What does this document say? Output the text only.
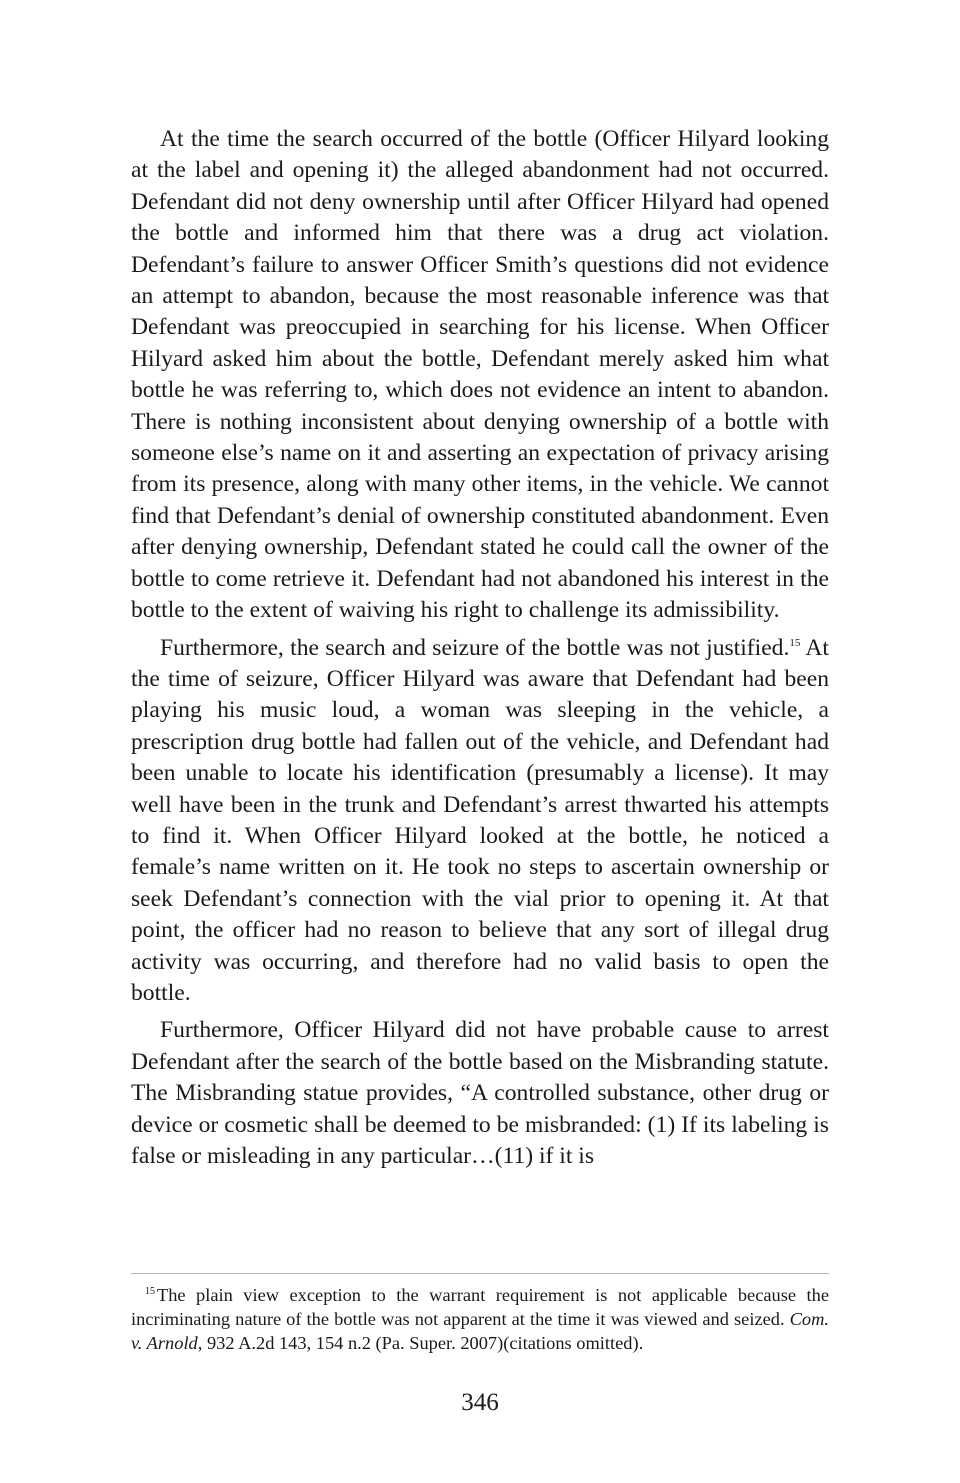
At the time the search occurred of the bottle (Officer Hilyard looking at the label and opening it) the alleged abandonment had not occurred. Defendant did not deny ownership until after Officer Hilyard had opened the bottle and informed him that there was a drug act violation. Defendant’s failure to answer Officer Smith’s questions did not evidence an attempt to abandon, because the most reasonable inference was that Defendant was preoccupied in searching for his license. When Officer Hilyard asked him about the bottle, Defendant merely asked him what bottle he was referring to, which does not evidence an intent to abandon. There is nothing inconsistent about denying ownership of a bottle with someone else’s name on it and asserting an expectation of privacy arising from its presence, along with many other items, in the vehicle. We cannot find that Defendant’s denial of ownership constituted abandonment. Even after denying ownership, Defendant stated he could call the owner of the bottle to come retrieve it. Defendant had not abandoned his interest in the bottle to the extent of waiving his right to challenge its admissibility.

Furthermore, the search and seizure of the bottle was not justified.$^{15}$ At the time of seizure, Officer Hilyard was aware that Defendant had been playing his music loud, a woman was sleeping in the vehicle, a prescription drug bottle had fallen out of the vehicle, and Defendant had been unable to locate his identification (presumably a license). It may well have been in the trunk and Defendant’s arrest thwarted his attempts to find it. When Officer Hilyard looked at the bottle, he noticed a female’s name written on it. He took no steps to ascertain ownership or seek Defendant’s connection with the vial prior to opening it. At that point, the officer had no reason to believe that any sort of illegal drug activity was occurring, and therefore had no valid basis to open the bottle.

Furthermore, Officer Hilyard did not have probable cause to arrest Defendant after the search of the bottle based on the Misbranding statute. The Misbranding statue provides, “A controlled substance, other drug or device or cosmetic shall be deemed to be misbranded: (1) If its labeling is false or misleading in any particular…(11) if it is

$^{15}$ The plain view exception to the warrant requirement is not applicable because the incriminating nature of the bottle was not apparent at the time it was viewed and seized. Com. v. Arnold, 932 A.2d 143, 154 n.2 (Pa. Super. 2007)(citations omitted).

346
